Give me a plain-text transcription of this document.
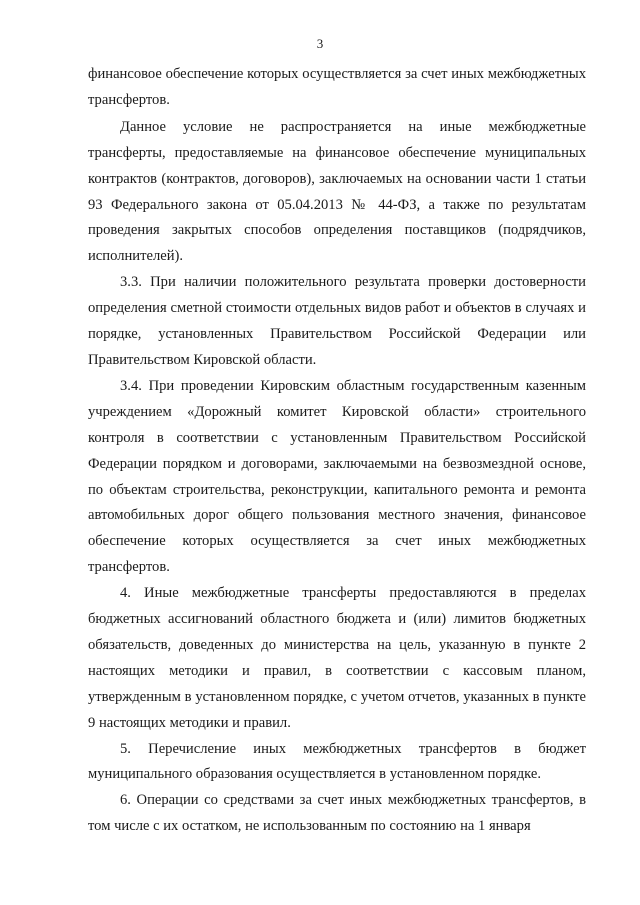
3

финансовое обеспечение которых осуществляется за счет иных межбюджетных трансфертов.

Данное условие не распространяется на иные межбюджетные трансферты, предоставляемые на финансовое обеспечение муниципальных контрактов (контрактов, договоров), заключаемых на основании части 1 статьи 93 Федерального закона от 05.04.2013 № 44-ФЗ, а также по результатам проведения закрытых способов определения поставщиков (подрядчиков, исполнителей).

3.3. При наличии положительного результата проверки достоверности определения сметной стоимости отдельных видов работ и объектов в случаях и порядке, установленных Правительством Российской Федерации или Правительством Кировской области.

3.4. При проведении Кировским областным государственным казенным учреждением «Дорожный комитет Кировской области» строительного контроля в соответствии с установленным Правительством Российской Федерации порядком и договорами, заключаемыми на безвозмездной основе, по объектам строительства, реконструкции, капитального ремонта и ремонта автомобильных дорог общего пользования местного значения, финансовое обеспечение которых осуществляется за счет иных межбюджетных трансфертов.

4. Иные межбюджетные трансферты предоставляются в пределах бюджетных ассигнований областного бюджета и (или) лимитов бюджетных обязательств, доведенных до министерства на цель, указанную в пункте 2 настоящих методики и правил, в соответствии с кассовым планом, утвержденным в установленном порядке, с учетом отчетов, указанных в пункте 9 настоящих методики и правил.

5. Перечисление иных межбюджетных трансфертов в бюджет муниципального образования осуществляется в установленном порядке.

6. Операции со средствами за счет иных межбюджетных трансфертов, в том числе с их остатком, не использованным по состоянию на 1 января
